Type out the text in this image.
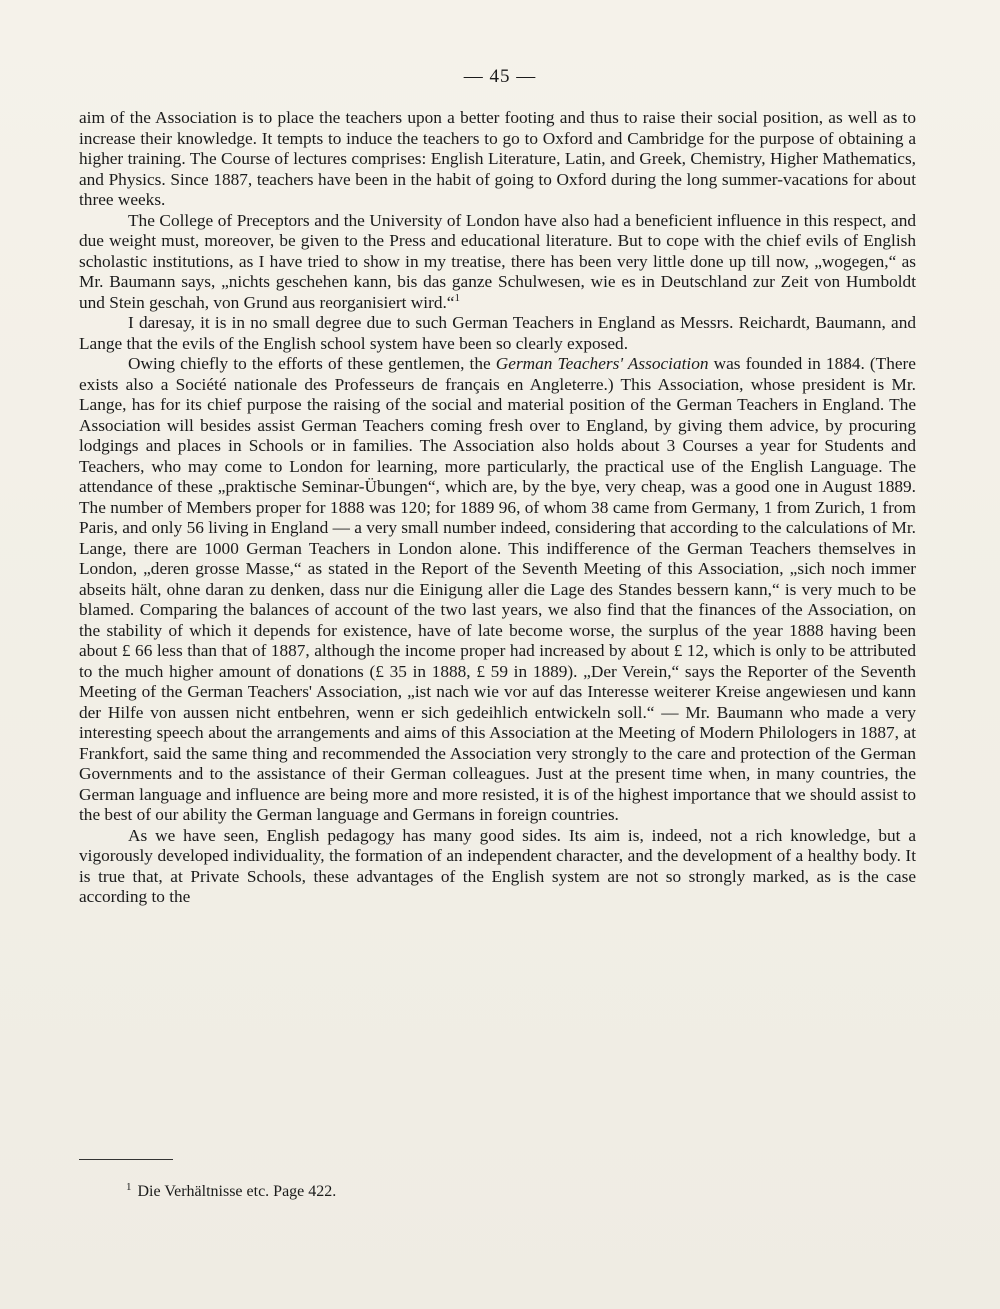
— 45 —

aim of the Association is to place the teachers upon a better footing and thus to raise their social position, as well as to increase their knowledge. It tempts to induce the teachers to go to Oxford and Cambridge for the purpose of obtaining a higher training. The Course of lectures comprises: English Literature, Latin, and Greek, Chemistry, Higher Mathematics, and Physics. Since 1887, teachers have been in the habit of going to Oxford during the long summer-vacations for about three weeks.

The College of Preceptors and the University of London have also had a beneficient influence in this respect, and due weight must, moreover, be given to the Press and educational literature. But to cope with the chief evils of English scholastic institutions, as I have tried to show in my treatise, there has been very little done up till now, „wogegen,“ as Mr. Baumann says, „nichts geschehen kann, bis das ganze Schulwesen, wie es in Deutschland zur Zeit von Humboldt und Stein geschah, von Grund aus reorganisiert wird.“$^1$

I daresay, it is in no small degree due to such German Teachers in England as Messrs. Reichardt, Baumann, and Lange that the evils of the English school system have been so clearly exposed.

Owing chiefly to the efforts of these gentlemen, the German Teachers' Association was founded in 1884. (There exists also a Société nationale des Professeurs de français en Angleterre.) This Association, whose president is Mr. Lange, has for its chief purpose the raising of the social and material position of the German Teachers in England. The Association will besides assist German Teachers coming fresh over to England, by giving them advice, by procuring lodgings and places in Schools or in families. The Association also holds about 3 Courses a year for Students and Teachers, who may come to London for learning, more particularly, the practical use of the English Language. The attendance of these „praktische Seminar-Übungen“, which are, by the bye, very cheap, was a good one in August 1889. The number of Members proper for 1888 was 120; for 1889 96, of whom 38 came from Germany, 1 from Zurich, 1 from Paris, and only 56 living in England — a very small number indeed, considering that according to the calculations of Mr. Lange, there are 1000 German Teachers in London alone. This indifference of the German Teachers themselves in London, „deren grosse Masse,“ as stated in the Report of the Seventh Meeting of this Association, „sich noch immer abseits hält, ohne daran zu denken, dass nur die Einigung aller die Lage des Standes bessern kann,“ is very much to be blamed. Comparing the balances of account of the two last years, we also find that the finances of the Association, on the stability of which it depends for existence, have of late become worse, the surplus of the year 1888 having been about £ 66 less than that of 1887, although the income proper had increased by about £ 12, which is only to be attributed to the much higher amount of donations (£ 35 in 1888, £ 59 in 1889). „Der Verein,“ says the Reporter of the Seventh Meeting of the German Teachers' Association, „ist nach wie vor auf das Interesse weiterer Kreise angewiesen und kann der Hilfe von aussen nicht entbehren, wenn er sich gedeihlich entwickeln soll.“ — Mr. Baumann who made a very interesting speech about the arrangements and aims of this Association at the Meeting of Modern Philologers in 1887, at Frankfort, said the same thing and recommended the Association very strongly to the care and protection of the German Governments and to the assistance of their German colleagues. Just at the present time when, in many countries, the German language and influence are being more and more resisted, it is of the highest importance that we should assist to the best of our ability the German language and Germans in foreign countries.

As we have seen, English pedagogy has many good sides. Its aim is, indeed, not a rich knowledge, but a vigorously developed individuality, the formation of an independent character, and the development of a healthy body. It is true that, at Private Schools, these advantages of the English system are not so strongly marked, as is the case according to the

$^1$ Die Verhältnisse etc. Page 422.
